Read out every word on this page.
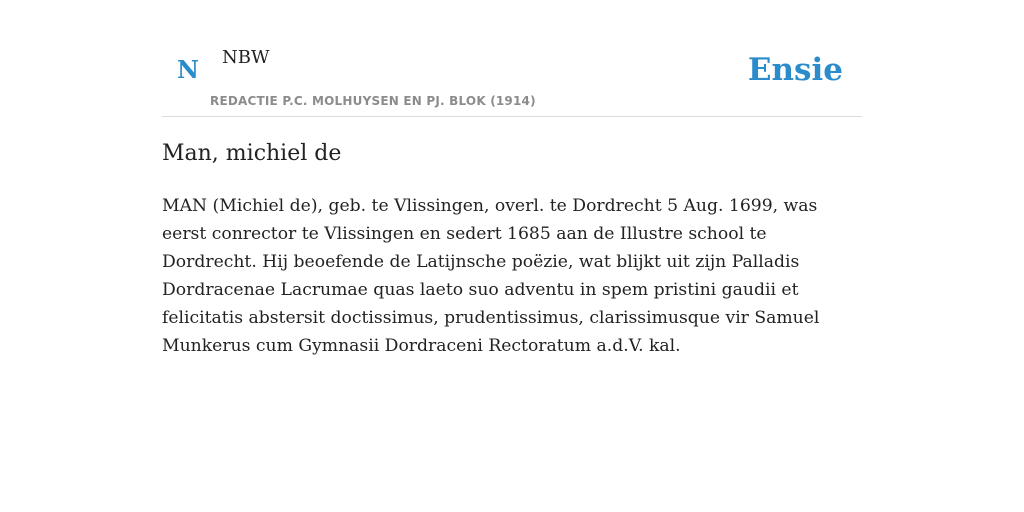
N NBW
REDACTIE P.C. MOLHUYSEN EN PJ. BLOK (1914)
Ensie
Man, michiel de

MAN (Michiel de), geb. te Vlissingen, overl. te Dordrecht 5 Aug. 1699, was eerst conrector te Vlissingen en sedert 1685 aan de Illustre school te Dordrecht. Hij beoefende de Latijnsche poëzie, wat blijkt uit zijn Palladis Dordracenae Lacrumae quas laeto suo adventu in spem pristini gaudii et felicitatis abstersit doctissimus, prudentissimus, clarissimusque vir Samuel Munkerus cum Gymnasii Dordraceni Rectoratum a.d.V. kal.
